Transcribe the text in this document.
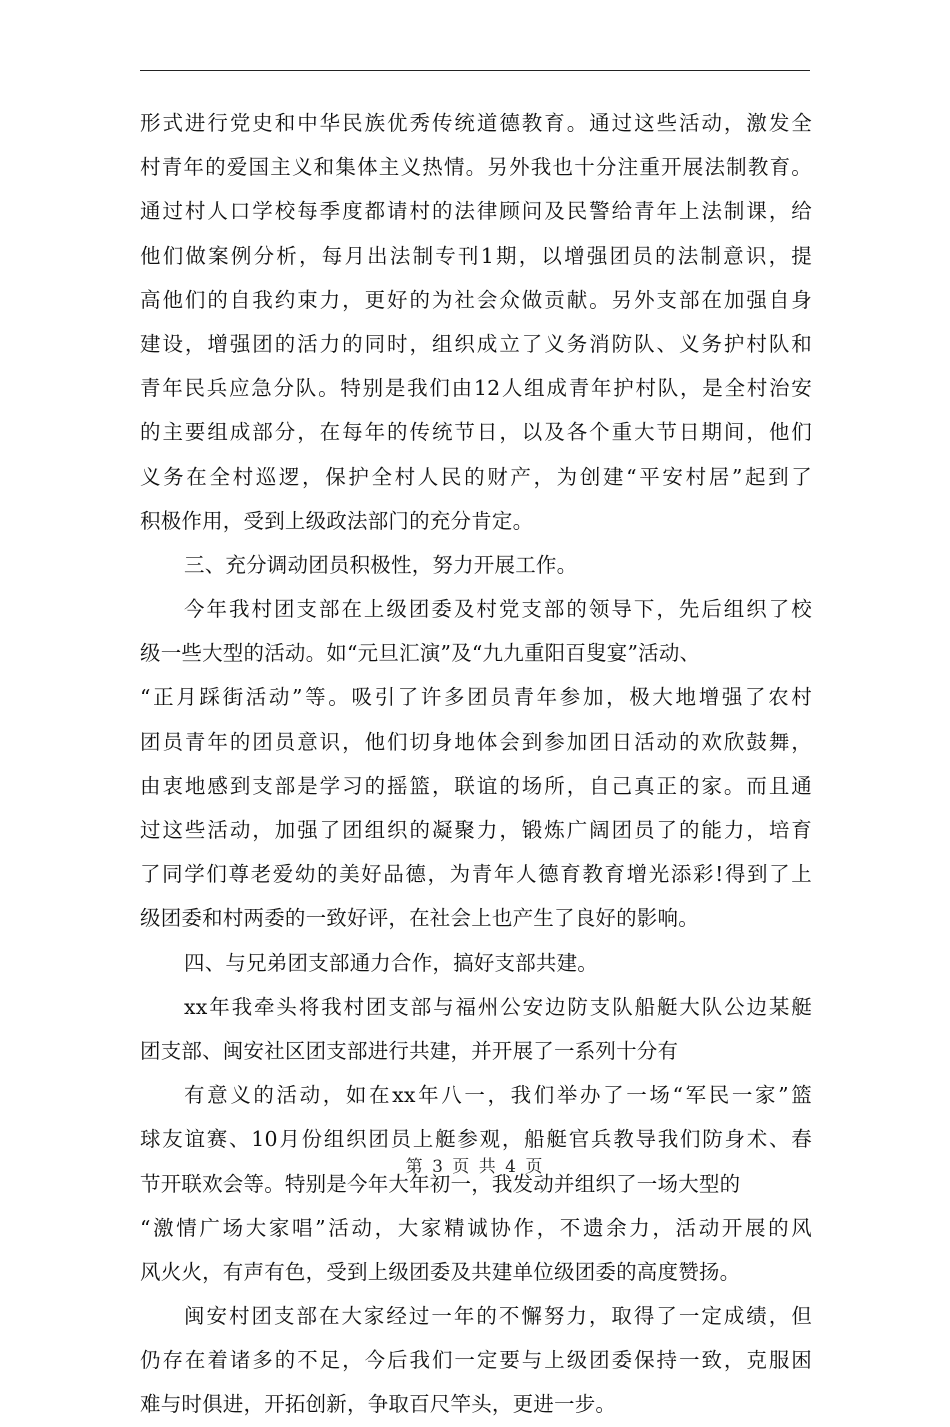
形式进行党史和中华民族优秀传统道德教育。通过这些活动，激发全
村青年的爱国主义和集体主义热情。另外我也十分注重开展法制教育。
通过村人口学校每季度都请村的法律顾问及民警给青年上法制课，给
他们做案例分析，每月出法制专刊1期，以增强团员的法制意识，提
高他们的自我约束力，更好的为社会众做贡献。另外支部在加强自身
建设，增强团的活力的同时，组织成立了义务消防队、义务护村队和
青年民兵应急分队。特别是我们由12人组成青年护村队，是全村治安
的主要组成部分，在每年的传统节日，以及各个重大节日期间，他们
义务在全村巡逻，保护全村人民的财产，为创建“平安村居”起到了
积极作用，受到上级政法部门的充分肯定。
三、充分调动团员积极性，努力开展工作。
今年我村团支部在上级团委及村党支部的领导下，先后组织了校
级一些大型的活动。如“元旦汇演”及“九九重阳百叟宴”活动、
“正月踩街活动”等。吸引了许多团员青年参加，极大地增强了农村
团员青年的团员意识，他们切身地体会到参加团日活动的欢欣鼓舞，
由衷地感到支部是学习的摇篮，联谊的场所，自己真正的家。而且通
过这些活动，加强了团组织的凝聚力，锻炼广阔团员了的能力，培育
了同学们尊老爱幼的美好品德，为青年人德育教育增光添彩!得到了上
级团委和村两委的一致好评，在社会上也产生了良好的影响。
四、与兄弟团支部通力合作，搞好支部共建。
xx年我牵头将我村团支部与福州公安边防支队船艇大队公边某艇
团支部、闽安社区团支部进行共建，并开展了一系列十分有
有意义的活动，如在xx年八一，我们举办了一场“军民一家”篮
球友谊赛、10月份组织团员上艇参观，船艇官兵教导我们防身术、春
节开联欢会等。特别是今年大年初一，我发动并组织了一场大型的
“激情广场大家唱”活动，大家精诚协作，不遗余力，活动开展的风
风火火，有声有色，受到上级团委及共建单位级团委的高度赞扬。
闽安村团支部在大家经过一年的不懈努力，取得了一定成绩，但
仍存在着诸多的不足，今后我们一定要与上级团委保持一致，克服困
难与时俱进，开拓创新，争取百尺竿头，更进一步。
第 3 页 共 4 页
